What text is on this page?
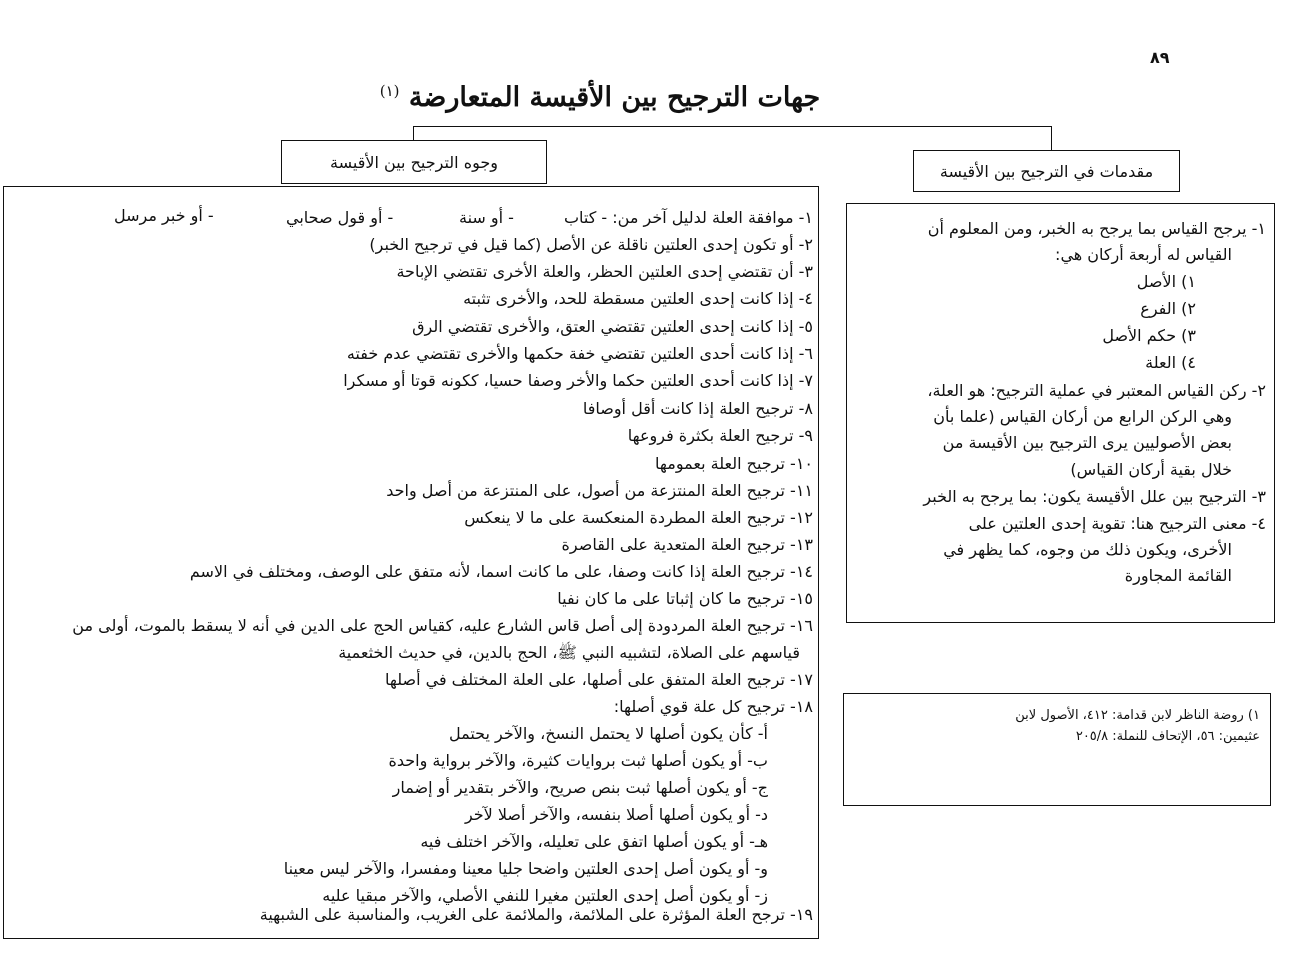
٨٩
جهات الترجيح بين الأقيسة المتعارضة $^{(١)}$
وجوه الترجيح بين الأقيسة	مقدمات في الترجيح بين الأقيسة
١- موافقة العلة لدليل آخر من: - كتاب
- أو سنة
- أو قول صحابي
- أو خبر مرسل
٢- أو تكون إحدى العلتين ناقلة عن الأصل (كما قيل في ترجيح الخبر)
٣- أن تقتضي إحدى العلتين الحظر، والعلة الأخرى تقتضي الإباحة
٤- إذا كانت إحدى العلتين مسقطة للحد، والأخرى تثبته
٥- إذا كانت إحدى العلتين تقتضي العتق، والأخرى تقتضي الرق
٦- إذا كانت أحدى العلتين تقتضي خفة حكمها والأخرى تقتضي عدم خفته
٧- إذا كانت أحدى العلتين حكما والأخر وصفا حسيا، ككونه قوتا أو مسكرا
٨- ترجيح العلة إذا كانت أقل أوصافا
٩- ترجيح العلة بكثرة فروعها
١٠- ترجيح العلة بعمومها
١١- ترجيح العلة المنتزعة من أصول، على المنتزعة من أصل واحد
١٢- ترجيح العلة المطردة المنعكسة على ما لا ينعكس
١٣- ترجيح العلة المتعدية على القاصرة
١٤- ترجيح العلة إذا كانت وصفا، على ما كانت اسما، لأنه متفق على الوصف، ومختلف في الاسم
١٥- ترجيح ما كان إثباتا على ما كان نفيا
١٦- ترجيح العلة المردودة إلى أصل قاس الشارع عليه، كقياس الحج على الدين في أنه لا يسقط بالموت، أولى من
قياسهم على الصلاة، لتشبيه النبي ﷺ، الحج بالدين، في حديث الخثعمية
١٧- ترجيح العلة المتفق على أصلها، على العلة المختلف في أصلها
١٨- ترجيح كل علة قوي أصلها:
أ- كأن يكون أصلها لا يحتمل النسخ، والآخر يحتمل
ب- أو يكون أصلها ثبت بروايات كثيرة، والآخر برواية واحدة
ج- أو يكون أصلها ثبت بنص صريح، والآخر بتقدير أو إضمار
د- أو يكون أصلها أصلا بنفسه، والآخر أصلا لآخر
هـ- أو يكون أصلها اتفق على تعليله، والآخر اختلف فيه
و- أو يكون أصل إحدى العلتين واضحا جليا معينا ومفسرا، والآخر ليس معينا
ز- أو يكون أصل إحدى العلتين مغيرا للنفي الأصلي، والآخر مبقيا عليه
١٩- ترجح العلة المؤثرة على الملائمة، والملائمة على الغريب، والمناسبة على الشبهية
١- يرجح القياس بما يرجح به الخبر، ومن المعلوم أن
القياس له أربعة أركان هي:
١) الأصل
٢) الفرع
٣) حكم الأصل
٤) العلة
٢- ركن القياس المعتبر في عملية الترجيح: هو العلة،
وهي الركن الرابع من أركان القياس (علما بأن
بعض الأصوليين يرى الترجيح بين الأقيسة من
خلال بقية أركان القياس)
٣- الترجيح بين علل الأقيسة يكون: بما يرجح به الخبر
٤- معنى الترجيح هنا: تقوية إحدى العلتين على
الأخرى، ويكون ذلك من وجوه، كما يظهر في
القائمة المجاورة
١) روضة الناظر لابن قدامة: ٤١٢، الأصول لابن
عثيمين: ٥٦، الإتحاف للنملة: ٢٠٥/٨
